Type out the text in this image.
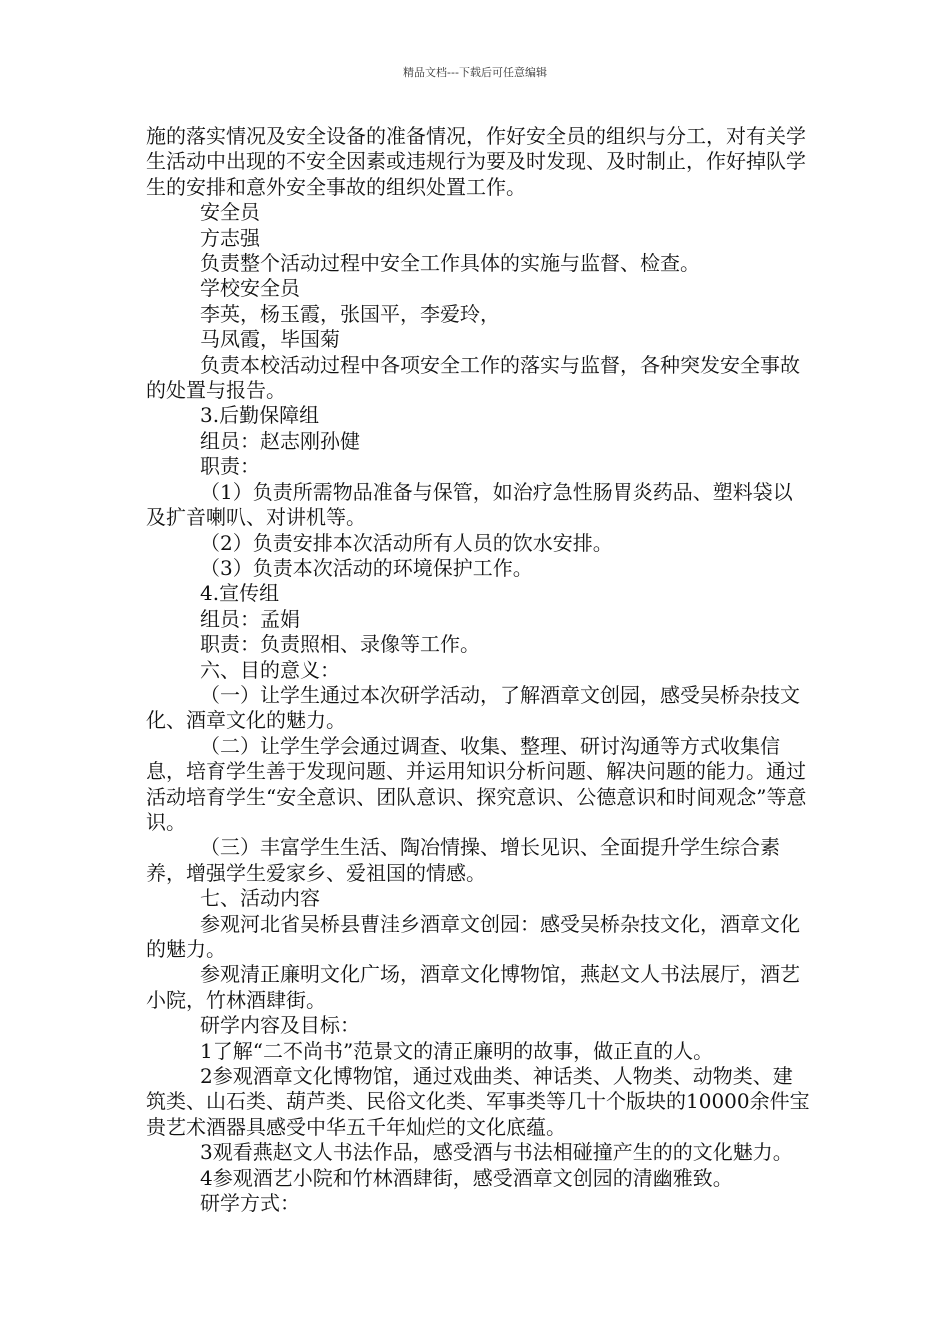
精品文档---下载后可任意编辑

施的落实情况及安全设备的准备情况，作好安全员的组织与分工，对有关学生活动中出现的不安全因素或违规行为要及时发现、及时制止，作好掉队学生的安排和意外安全事故的组织处置工作。

安全员

方志强

负责整个活动过程中安全工作具体的实施与监督、检查。

学校安全员

李英，杨玉霞，张国平，李爱玲，

马凤霞，毕国菊

负责本校活动过程中各项安全工作的落实与监督，各种突发安全事故的处置与报告。

3.后勤保障组

组员：赵志刚孙健

职责：

（1）负责所需物品准备与保管，如治疗急性肠胃炎药品、塑料袋以及扩音喇叭、对讲机等。

（2）负责安排本次活动所有人员的饮水安排。

（3）负责本次活动的环境保护工作。

4.宣传组

组员：孟娟

职责：负责照相、录像等工作。

六、目的意义：

（一）让学生通过本次研学活动，了解酒章文创园，感受吴桥杂技文化、酒章文化的魅力。

（二）让学生学会通过调查、收集、整理、研讨沟通等方式收集信息，培育学生善于发现问题、并运用知识分析问题、解决问题的能力。通过活动培育学生“安全意识、团队意识、探究意识、公德意识和时间观念”等意识。

（三）丰富学生生活、陶冶情操、增长见识、全面提升学生综合素养，增强学生爱家乡、爱祖国的情感。

七、活动内容

参观河北省吴桥县曹洼乡酒章文创园：感受吴桥杂技文化，酒章文化的魅力。

参观清正廉明文化广场，酒章文化博物馆，燕赵文人书法展厅，酒艺小院，竹林酒肆街。

研学内容及目标：

1了解“二不尚书”范景文的清正廉明的故事，做正直的人。

2参观酒章文化博物馆，通过戏曲类、神话类、人物类、动物类、建筑类、山石类、葫芦类、民俗文化类、军事类等几十个版块的10000余件宝贵艺术酒器具感受中华五千年灿烂的文化底蕴。

3观看燕赵文人书法作品，感受酒与书法相碰撞产生的的文化魅力。

4参观酒艺小院和竹林酒肆街，感受酒章文创园的清幽雅致。

研学方式：
